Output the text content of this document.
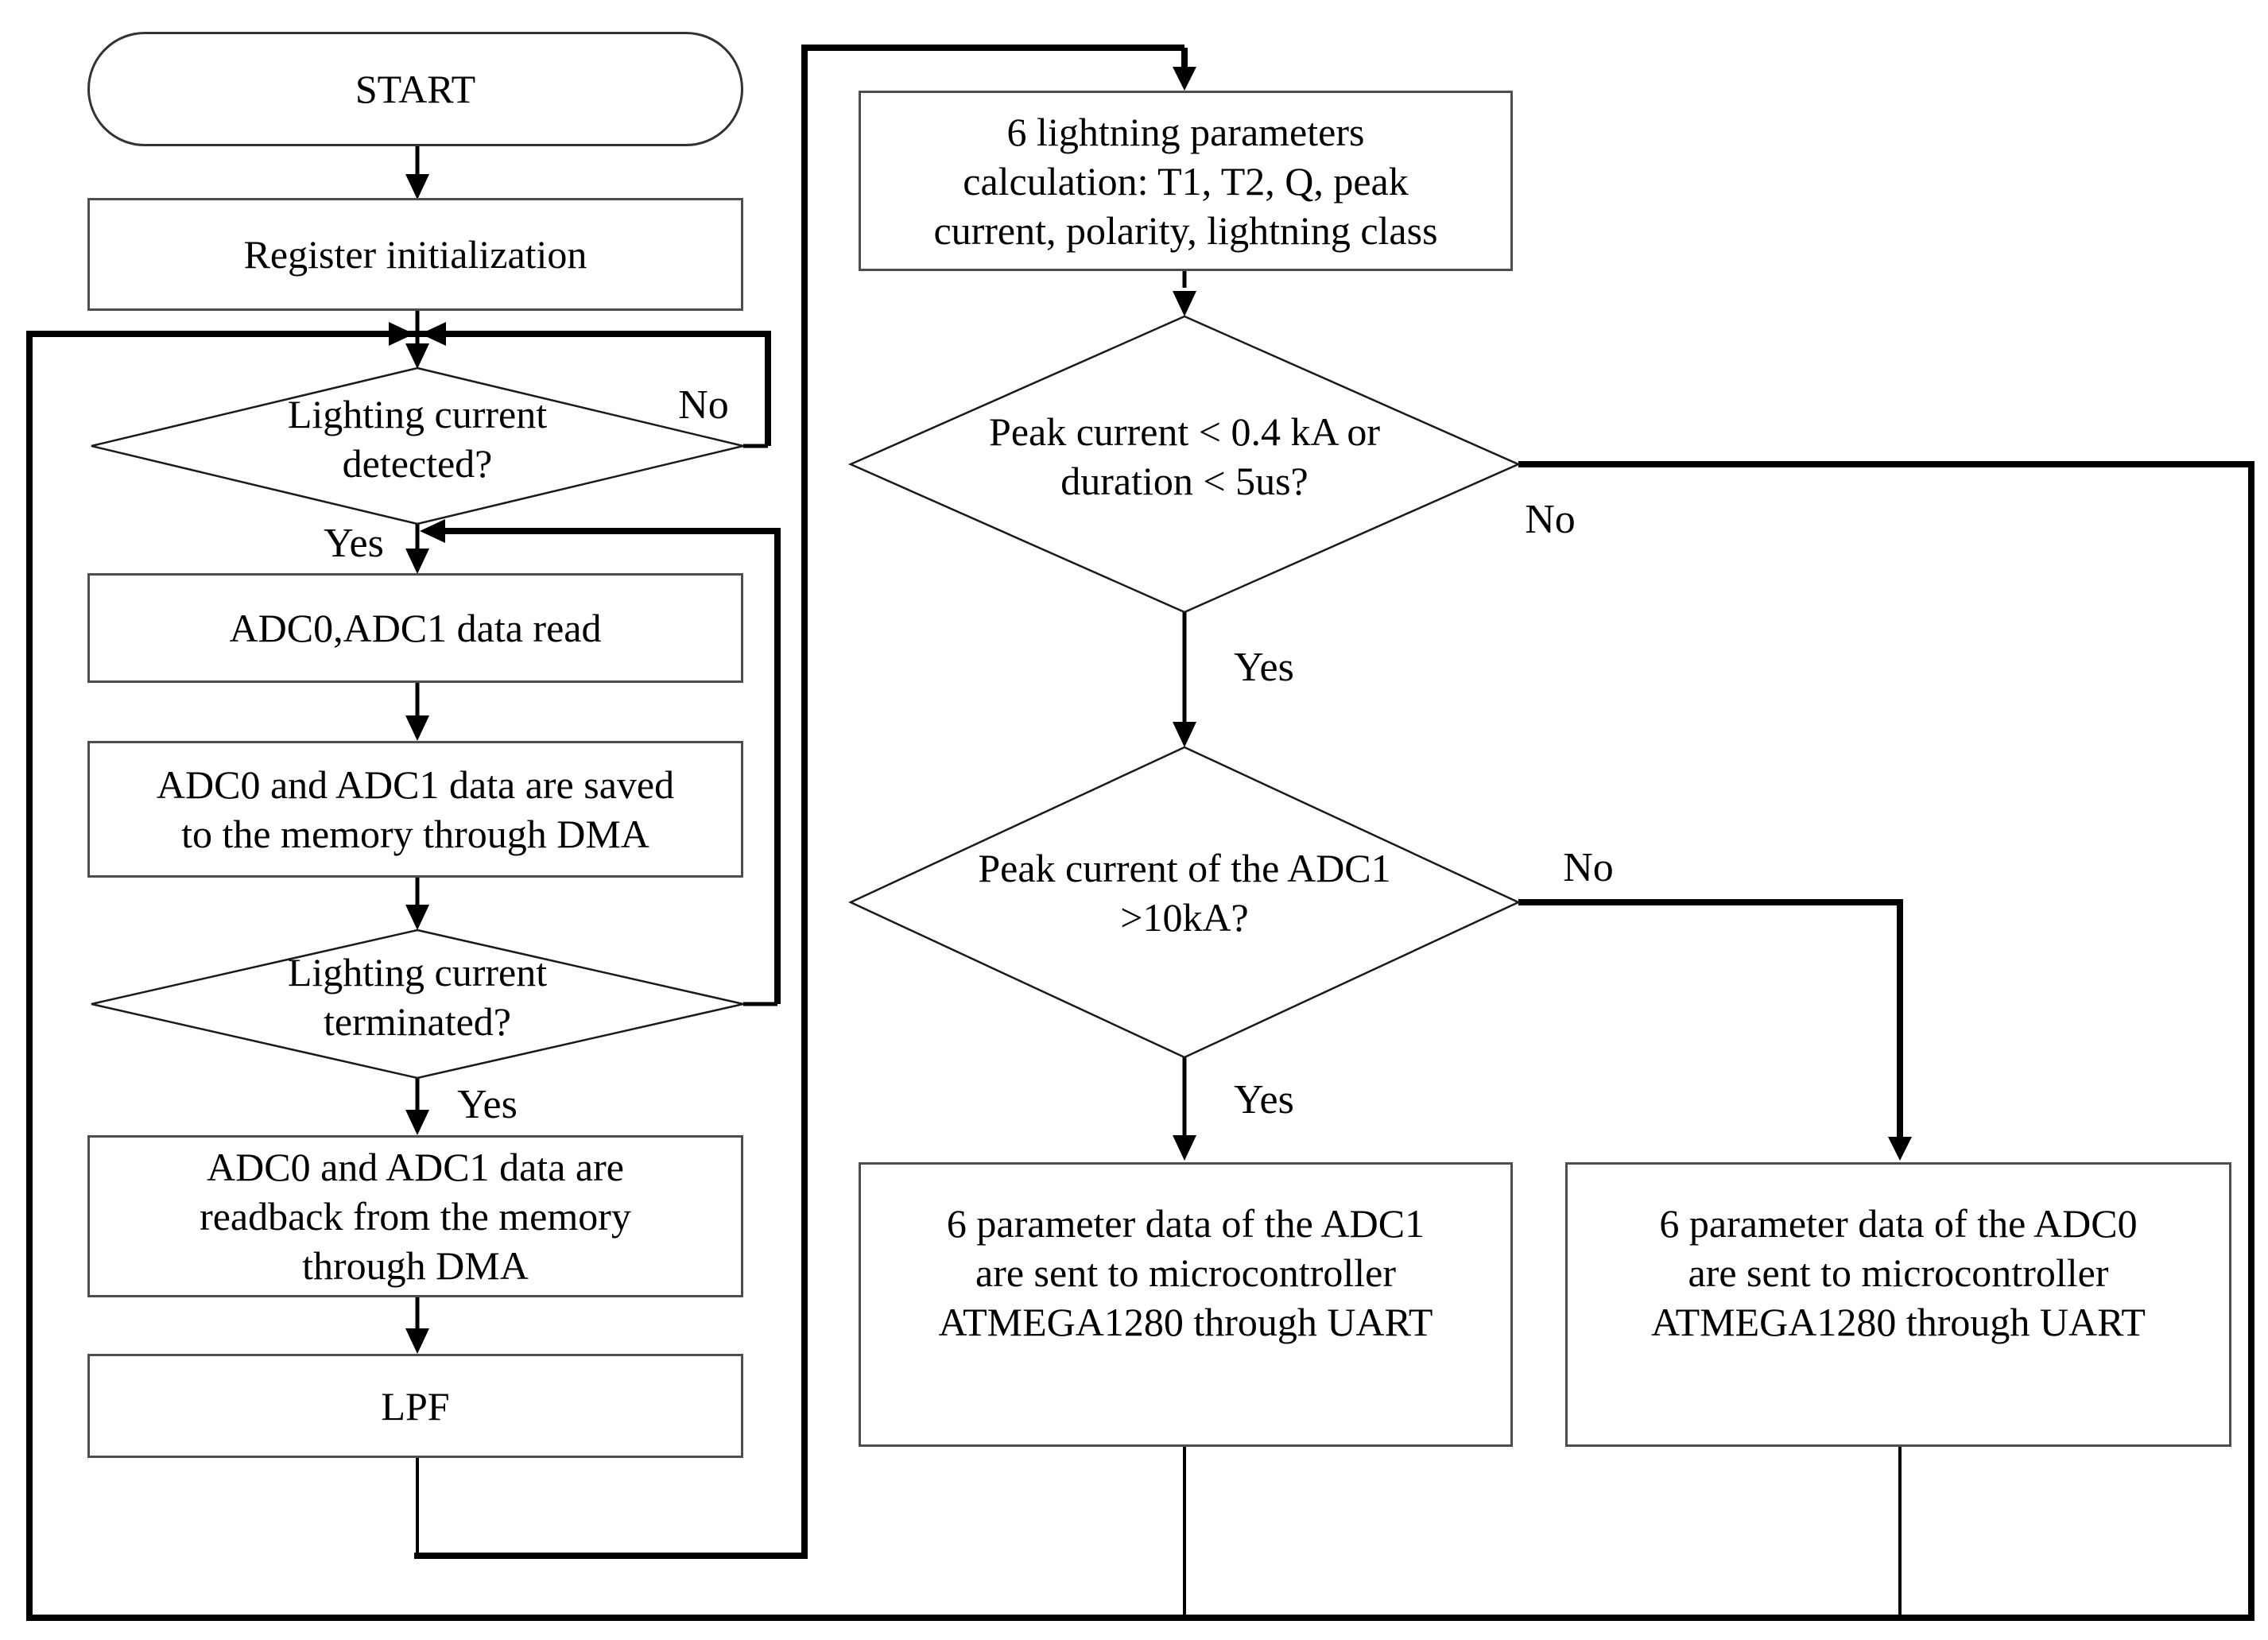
START
Register initialization
ADC0,ADC1 data read
ADC0 and ADC1 data are saved
to the memory through DMA
ADC0 and ADC1 data are
readback from the memory
through DMA
LPF
6 lightning parameters
calculation: T1, T2, Q, peak
current, polarity, lightning class
6 parameter data of the ADC1
are sent to microcontroller
ATMEGA1280 through UART
6 parameter data of the ADC0
are sent to microcontroller
ATMEGA1280 through UART
Lighting current
detected?
Lighting current
terminated?
Peak current < 0.4 kA or
duration < 5us?
Peak current of the ADC1
>10kA?
No
Yes
Yes
No
Yes
No
Yes
